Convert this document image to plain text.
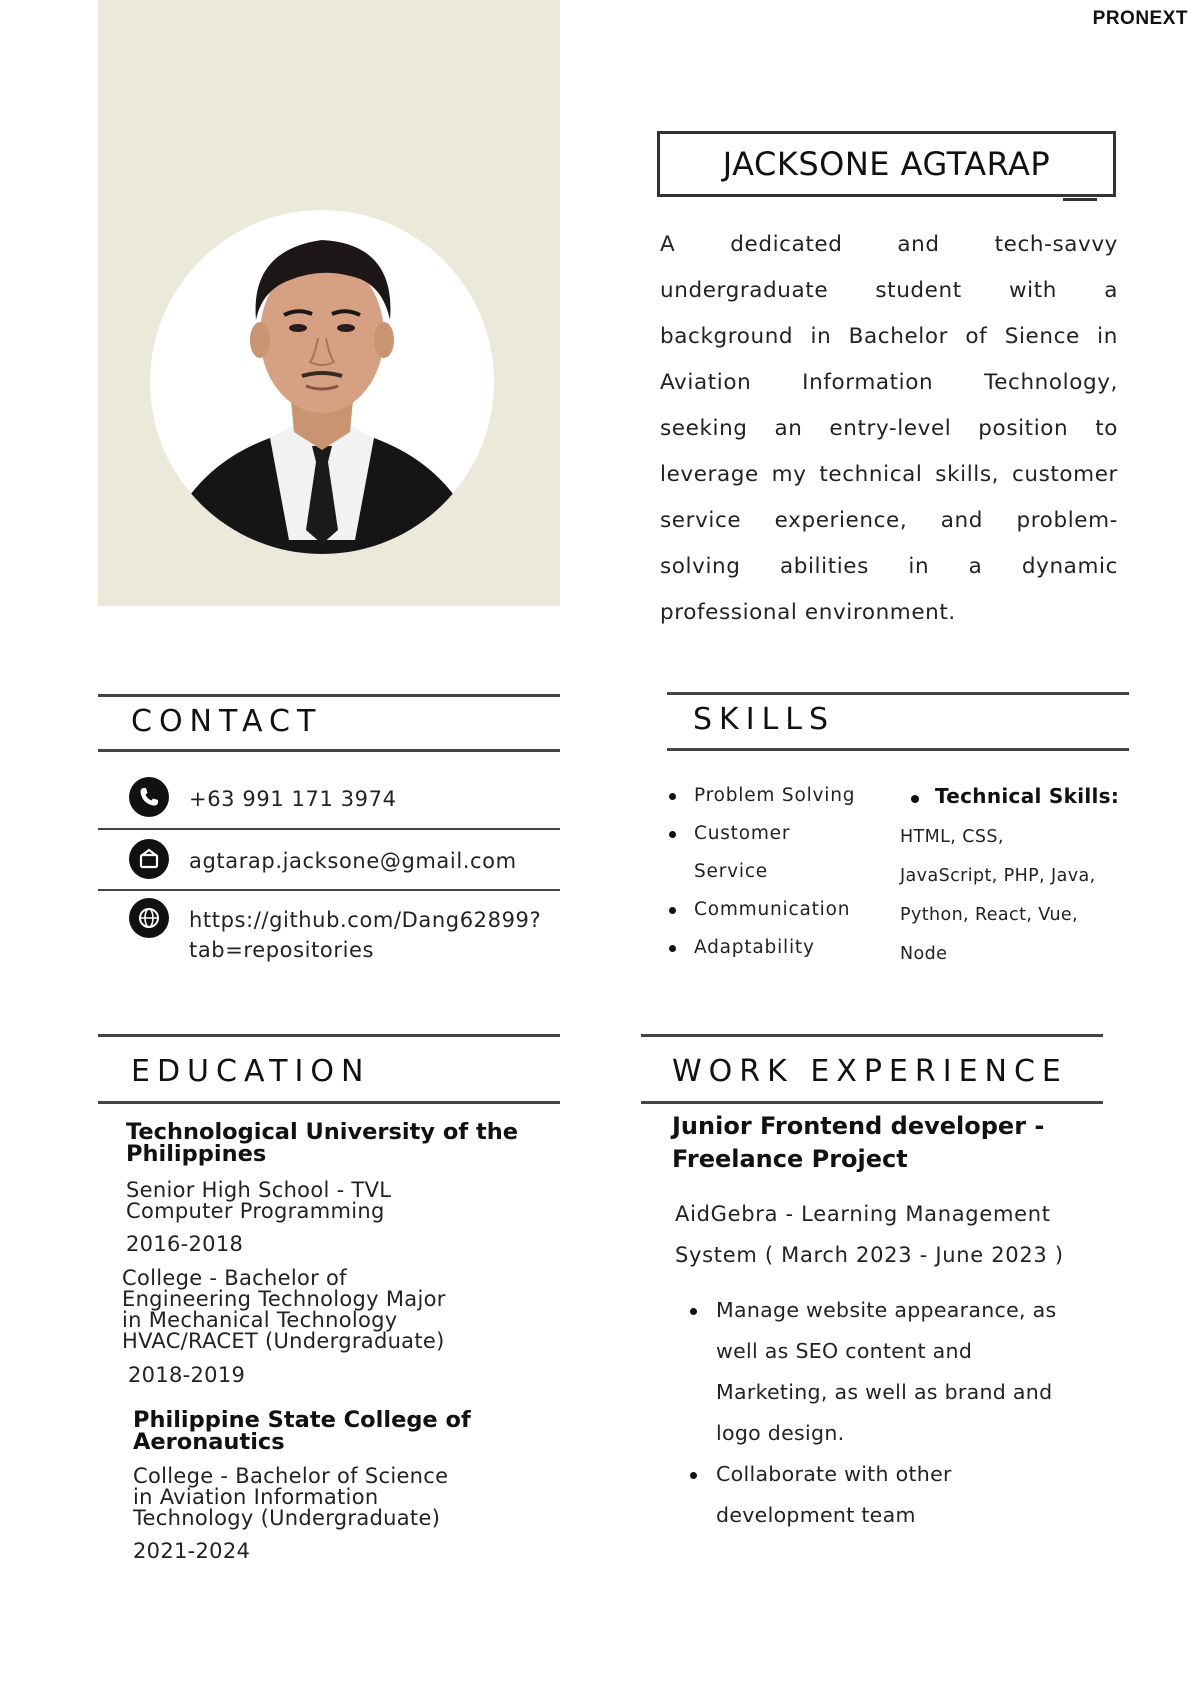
PRONEXT
JACKSONE AGTARAP
A dedicated and tech-savvy undergraduate student with a background in Bachelor of Sience in Aviation Information Technology, seeking an entry-level position to leverage my technical skills, customer service experience, and problem-solving abilities in a dynamic professional environment.
CONTACT
+63 991 171 3974
agtarap.jacksone@gmail.com
https://github.com/Dang62899?
tab=repositories
SKILLS
Problem Solving
Customer Service
Communication
Adaptability
Technical Skills:
HTML, CSS,
JavaScript, PHP, Java,
Python, React, Vue,
Node
EDUCATION
Technological University of the
Philippines
Senior High School - TVL
Computer Programming
2016-2018
College - Bachelor of
Engineering Technology Major
in Mechanical Technology
HVAC/RACET (Undergraduate)
2018-2019
Philippine State College of
Aeronautics
College - Bachelor of Science
in Aviation Information
Technology (Undergraduate)
2021-2024
WORK EXPERIENCE
Junior Frontend developer -
Freelance Project
AidGebra - Learning Management
System ( March 2023 - June 2023 )
Manage website appearance, as
well as SEO content and
Marketing, as well as brand and
logo design.
Collaborate with other
development team
